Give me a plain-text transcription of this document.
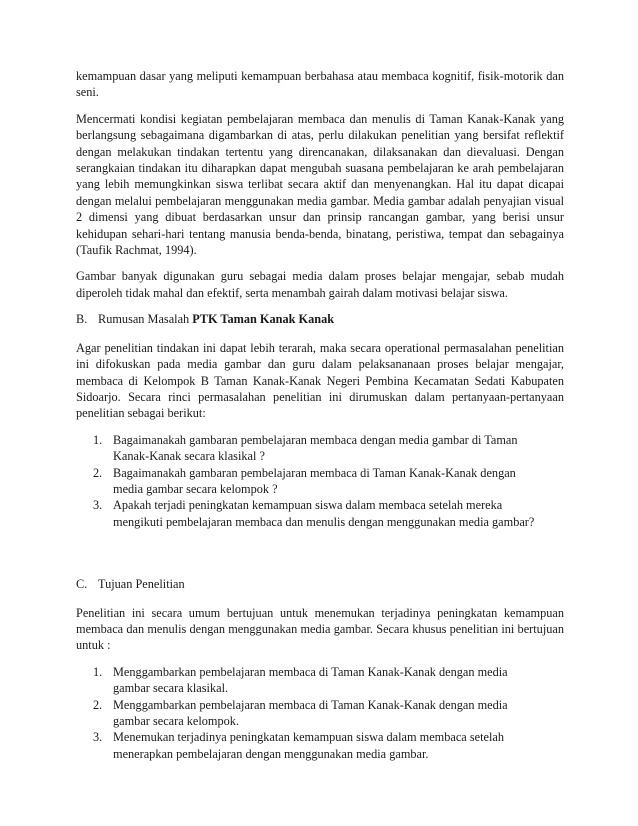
kemampuan dasar yang meliputi kemampuan berbahasa atau membaca kognitif, fisik-motorik dan seni.

Mencermati kondisi kegiatan pembelajaran membaca dan menulis di Taman Kanak-Kanak yang berlangsung sebagaimana digambarkan di atas, perlu dilakukan penelitian yang bersifat reflektif dengan melakukan tindakan tertentu yang direncanakan, dilaksanakan dan dievaluasi. Dengan serangkaian tindakan itu diharapkan dapat mengubah suasana pembelajaran ke arah pembelajaran yang lebih memungkinkan siswa terlibat secara aktif dan menyenangkan. Hal itu dapat dicapai dengan melalui pembelajaran menggunakan media gambar. Media gambar adalah penyajian visual 2 dimensi yang dibuat berdasarkan unsur dan prinsip rancangan gambar, yang berisi unsur kehidupan sehari-hari tentang manusia benda-benda, binatang, peristiwa, tempat dan sebagainya (Taufik Rachmat, 1994).

Gambar banyak digunakan guru sebagai media dalam proses belajar mengajar, sebab mudah diperoleh tidak mahal dan efektif, serta menambah gairah dalam motivasi belajar siswa.

B. Rumusan Masalah PTK Taman Kanak Kanak

Agar penelitian tindakan ini dapat lebih terarah, maka secara operational permasalahan penelitian ini difokuskan pada media gambar dan guru dalam pelaksananaan proses belajar mengajar, membaca di Kelompok B Taman Kanak-Kanak Negeri Pembina Kecamatan Sedati Kabupaten Sidoarjo. Secara rinci permasalahan penelitian ini dirumuskan dalam pertanyaan-pertanyaan penelitian sebagai berikut:

1. Bagaimanakah gambaran pembelajaran membaca dengan media gambar di Taman Kanak-Kanak secara klasikal ?
2. Bagaimanakah gambaran pembelajaran membaca di Taman Kanak-Kanak dengan media gambar secara kelompok ?
3. Apakah terjadi peningkatan kemampuan siswa dalam membaca setelah mereka mengikuti pembelajaran membaca dan menulis dengan menggunakan media gambar?

C. Tujuan Penelitian

Penelitian ini secara umum bertujuan untuk menemukan terjadinya peningkatan kemampuan membaca dan menulis dengan menggunakan media gambar. Secara khusus penelitian ini bertujuan untuk :

1. Menggambarkan pembelajaran membaca di Taman Kanak-Kanak dengan media gambar secara klasikal.
2. Menggambarkan pembelajaran membaca di Taman Kanak-Kanak dengan media gambar secara kelompok.
3. Menemukan terjadinya peningkatan kemampuan siswa dalam membaca setelah menerapkan pembelajaran dengan menggunakan media gambar.
